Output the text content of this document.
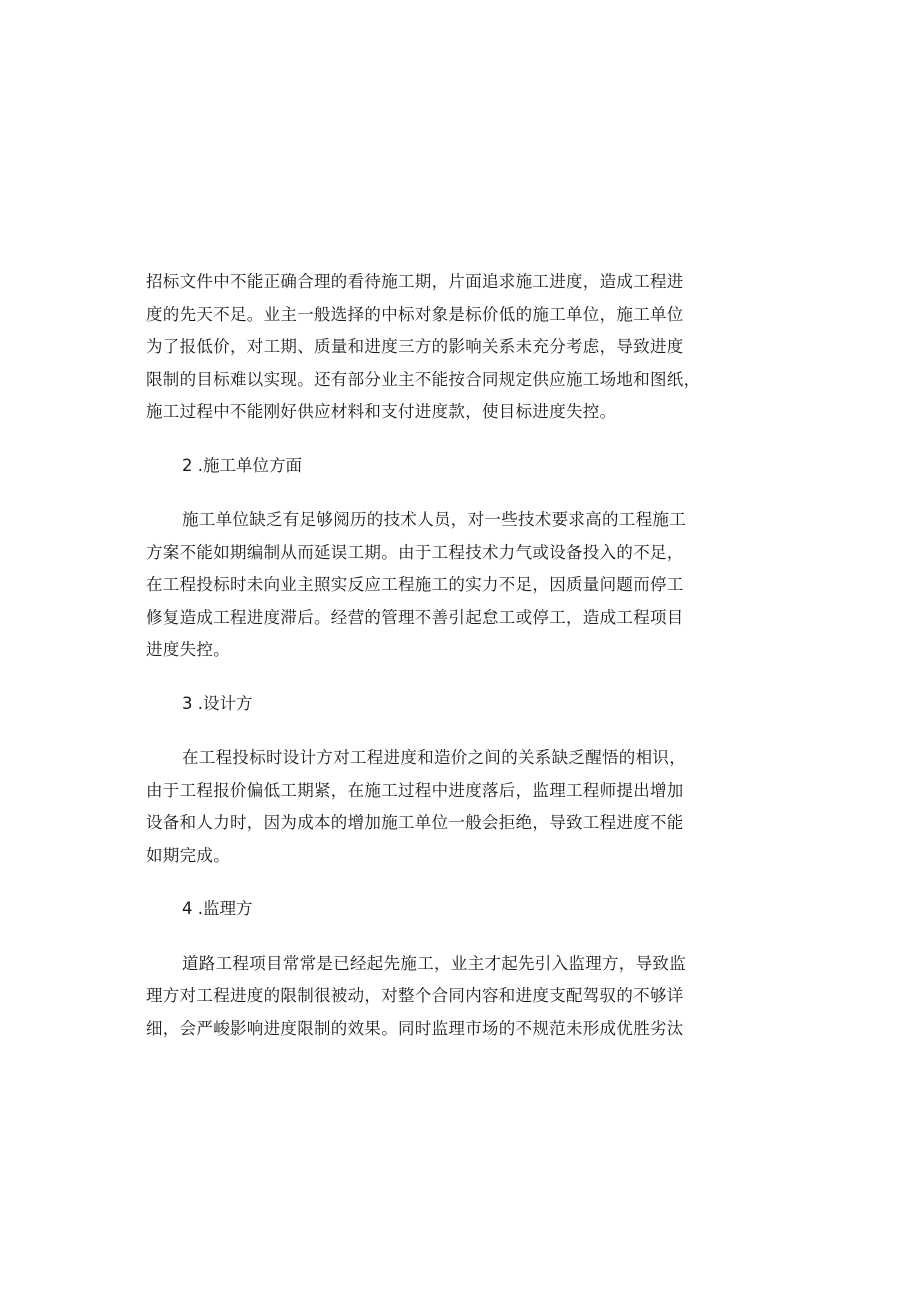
招标文件中不能正确合理的看待施工期，片面追求施工进度，造成工程进
度的先天不足。业主一般选择的中标对象是标价低的施工单位，施工单位
为了报低价，对工期、质量和进度三方的影响关系未充分考虑，导致进度
限制的目标难以实现。还有部分业主不能按合同规定供应施工场地和图纸，
施工过程中不能刚好供应材料和支付进度款，使目标进度失控。

2 .施工单位方面

施工单位缺乏有足够阅历的技术人员，对一些技术要求高的工程施工
方案不能如期编制从而延误工期。由于工程技术力气或设备投入的不足，
在工程投标时未向业主照实反应工程施工的实力不足，因质量问题而停工
修复造成工程进度滞后。经营的管理不善引起怠工或停工，造成工程项目
进度失控。

3 .设计方

在工程投标时设计方对工程进度和造价之间的关系缺乏醒悟的相识，
由于工程报价偏低工期紧，在施工过程中进度落后，监理工程师提出增加
设备和人力时，因为成本的增加施工单位一般会拒绝，导致工程进度不能
如期完成。

4 .监理方

道路工程项目常常是已经起先施工，业主才起先引入监理方，导致监
理方对工程进度的限制很被动，对整个合同内容和进度支配驾驭的不够详
细，会严峻影响进度限制的效果。同时监理市场的不规范未形成优胜劣汰
